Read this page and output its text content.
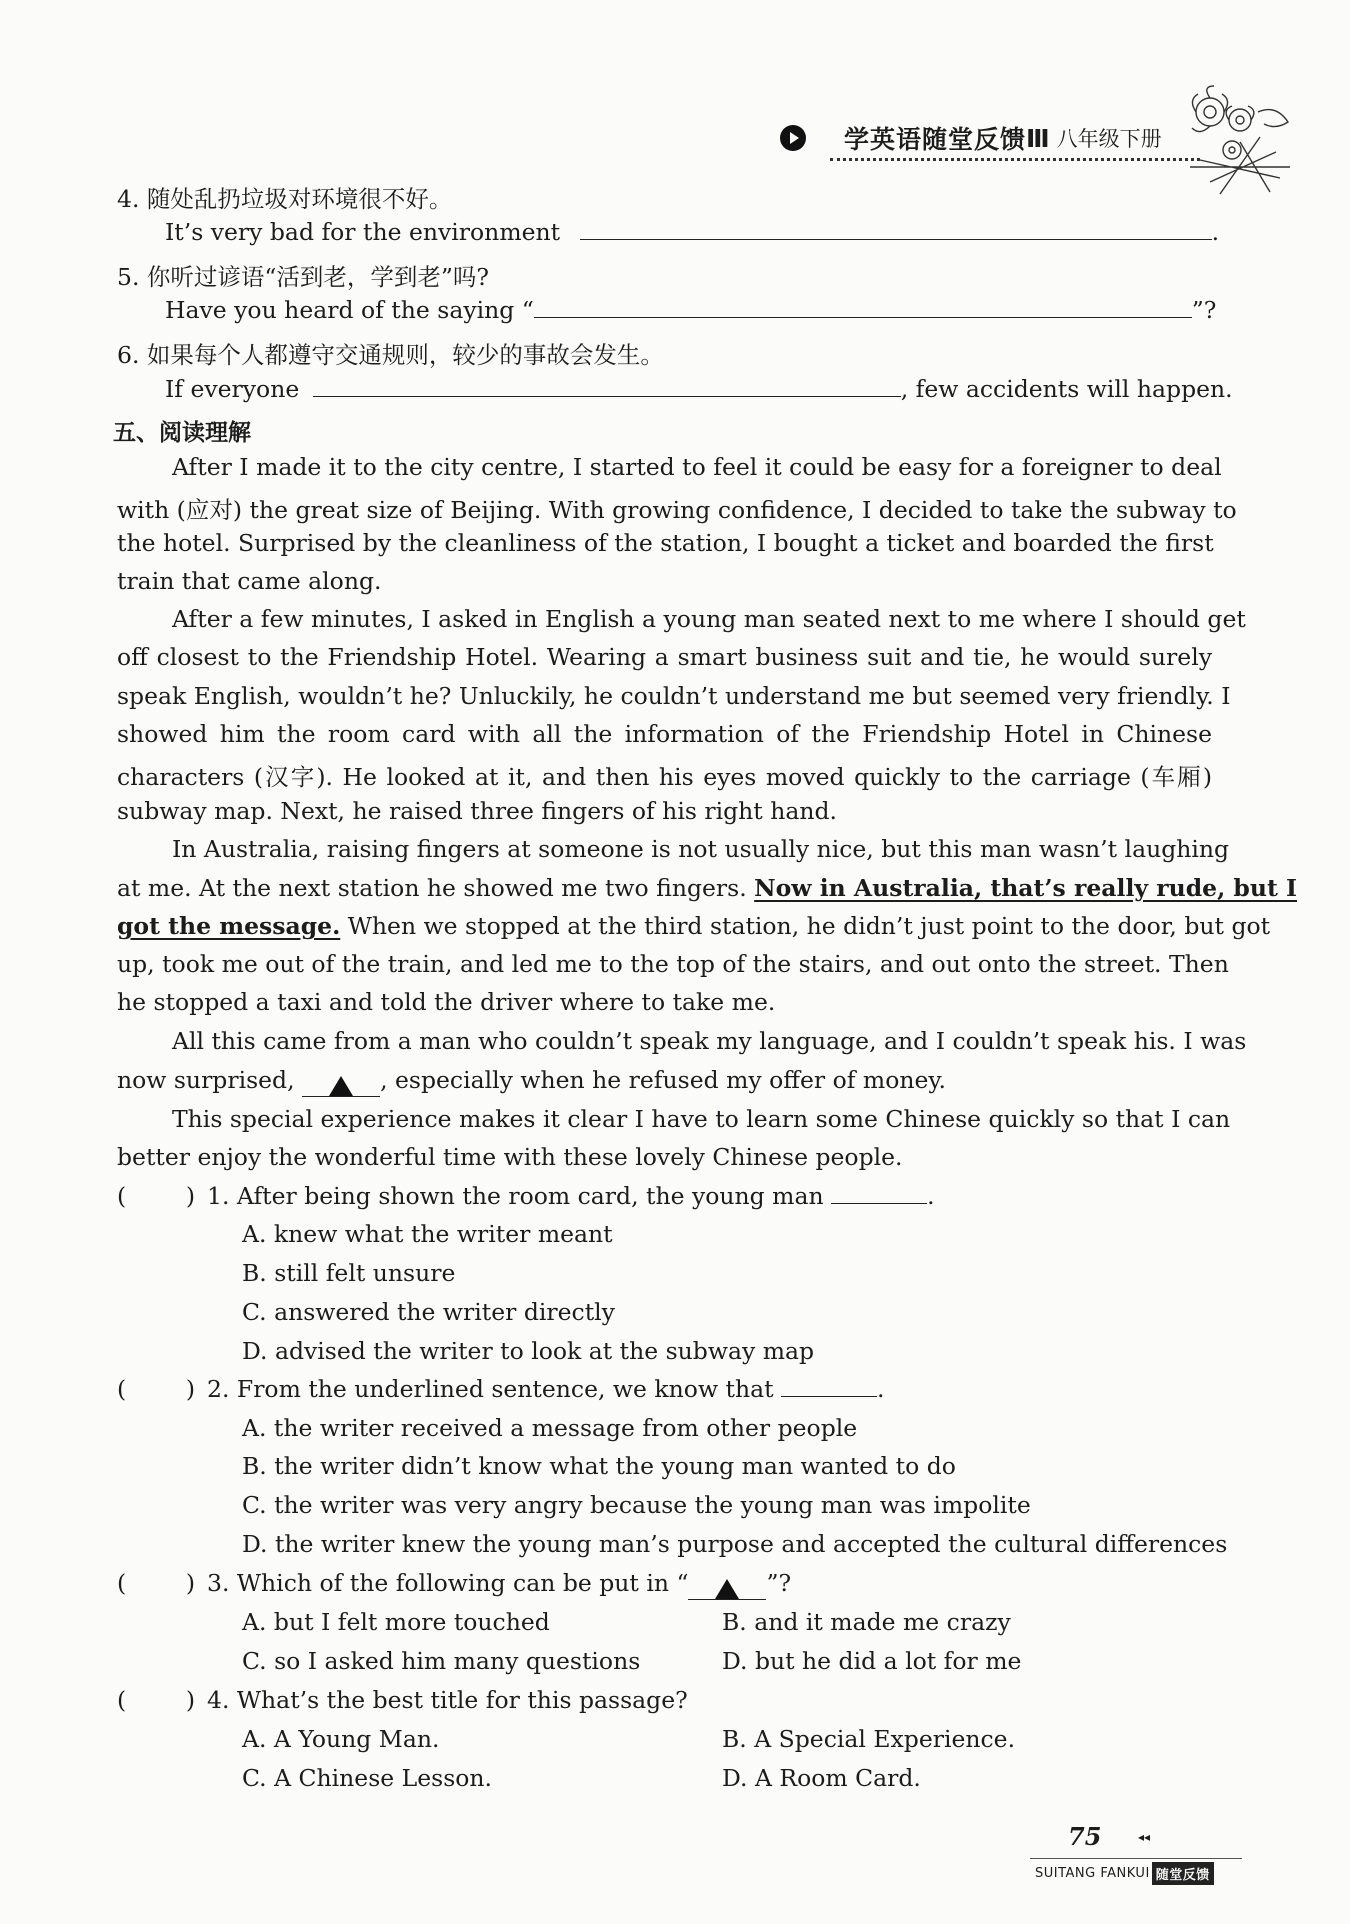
学英语随堂反馈 Ⅲ 八年级下册
4. 随处乱扔垃圾对环境很不好。
It’s very bad for the environment	.
5. 你听过谚语“活到老，学到老”吗?
Have you heard of the saying “	”?
6. 如果每个人都遵守交通规则，较少的事故会发生。
If everyone	, few accidents will happen.
五、阅读理解
After I made it to the city centre, I started to feel it could be easy for a foreigner to deal
with (应对) the great size of Beijing. With growing confidence, I decided to take the subway to
the hotel. Surprised by the cleanliness of the station, I bought a ticket and boarded the first
train that came along.
After a few minutes, I asked in English a young man seated next to me where I should get
off closest to the Friendship Hotel. Wearing a smart business suit and tie, he would surely
speak English, wouldn’t he? Unluckily, he couldn’t understand me but seemed very friendly. I
showed him the room card with all the information of the Friendship Hotel in Chinese
characters (汉字). He looked at it, and then his eyes moved quickly to the carriage (车厢)
subway map. Next, he raised three fingers of his right hand.
In Australia, raising fingers at someone is not usually nice, but this man wasn’t laughing
at me. At the next station he showed me two fingers. Now in Australia, that’s really rude, but I
got the message. When we stopped at the third station, he didn’t just point to the door, but got
up, took me out of the train, and led me to the top of the stairs, and out onto the street. Then
he stopped a taxi and told the driver where to take me.
All this came from a man who couldn’t speak my language, and I couldn’t speak his. I was
now surprised,	, especially when he refused my offer of money.
This special experience makes it clear I have to learn some Chinese quickly so that I can
better enjoy the wonderful time with these lovely Chinese people.
(        ) 1. After being shown the room card, the young man	.
A. knew what the writer meant
B. still felt unsure
C. answered the writer directly
D. advised the writer to look at the subway map
(        ) 2. From the underlined sentence, we know that	.
A. the writer received a message from other people
B. the writer didn’t know what the young man wanted to do
C. the writer was very angry because the young man was impolite
D. the writer knew the young man’s purpose and accepted the cultural differences
(        ) 3. Which of the following can be put in “	”?
A. but I felt more touched	B. and it made me crazy
C. so I asked him many questions	D. but he did a lot for me
(        ) 4. What’s the best title for this passage?
A. A Young Man.	B. A Special Experience.
C. A Chinese Lesson.	D. A Room Card.
75	◂◂
SUITANG FANKUI 随堂反馈
